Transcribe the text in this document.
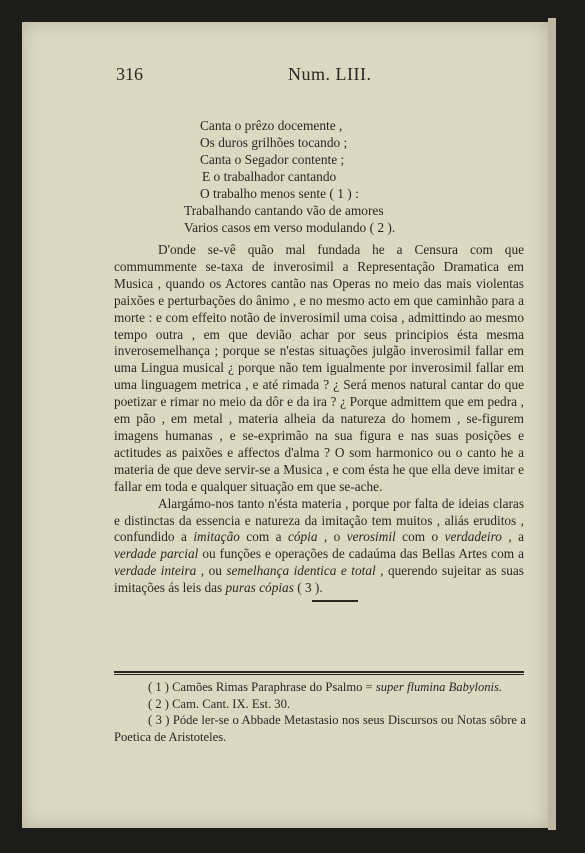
316	Num. LIII.
Canta o prêzo docemente ,
Os duros grilhões tocando ;
Canta o Segador contente ;
E o trabalhador cantando
O trabalho menos sente ( 1 ) :
Trabalhando cantando vão de amores
Varios casos em verso modulando ( 2 ).

D'onde se-vê quão mal fundada he a Censura com que commummente se-taxa de inverosimil a Representação Dramatica em Musica , quando os Actores cantão nas Operas no meio das mais violentas paixões e perturbações do ânimo , e no mesmo acto em que caminhão para a morte : e com effeito notão de inverosimil uma coisa , admittindo ao mesmo tempo outra , em que devião achar por seus principios ésta mesma inverosemelhança ; porque se n'estas situações julgão inverosimil fallar em uma Lingua musical ¿ porque não tem igualmente por inverosimil fallar em uma linguagem metrica , e até rimada ? ¿ Será menos natural cantar do que poetizar e rimar no meio da dôr e da ira ? ¿ Porque admittem que em pedra , em pão , em metal , materia alheia da natureza do homem , se-figurem imagens humanas , e se-exprimão na sua figura e nas suas posições e actitudes as paixões e affectos d'alma ? O som harmonico ou o canto he a materia de que deve servir-se a Musica , e com ésta he que ella deve imitar e fallar em toda e qualquer situação em que se-ache.

Alargámo-nos tanto n'ésta materia , porque por falta de ideias claras e distinctas da essencia e natureza da imitação tem muitos , aliás eruditos , confundido a imitação com a cópia , o verosimil com o verdadeiro , a verdade parcial ou funções e operações de cadaúma das Bellas Artes com a verdade inteira , ou semelhança identica e total , querendo sujeitar as suas imitações ás leis das puras cópias ( 3 ).

( 1 ) Camões Rimas Paraphrase do Psalmo = super flumina Babylonis.

( 2 ) Cam. Cant. IX. Est. 30.

( 3 ) Póde ler-se o Abbade Metastasio nos seus Discursos ou Notas sôbre a Poetica de Aristoteles.
